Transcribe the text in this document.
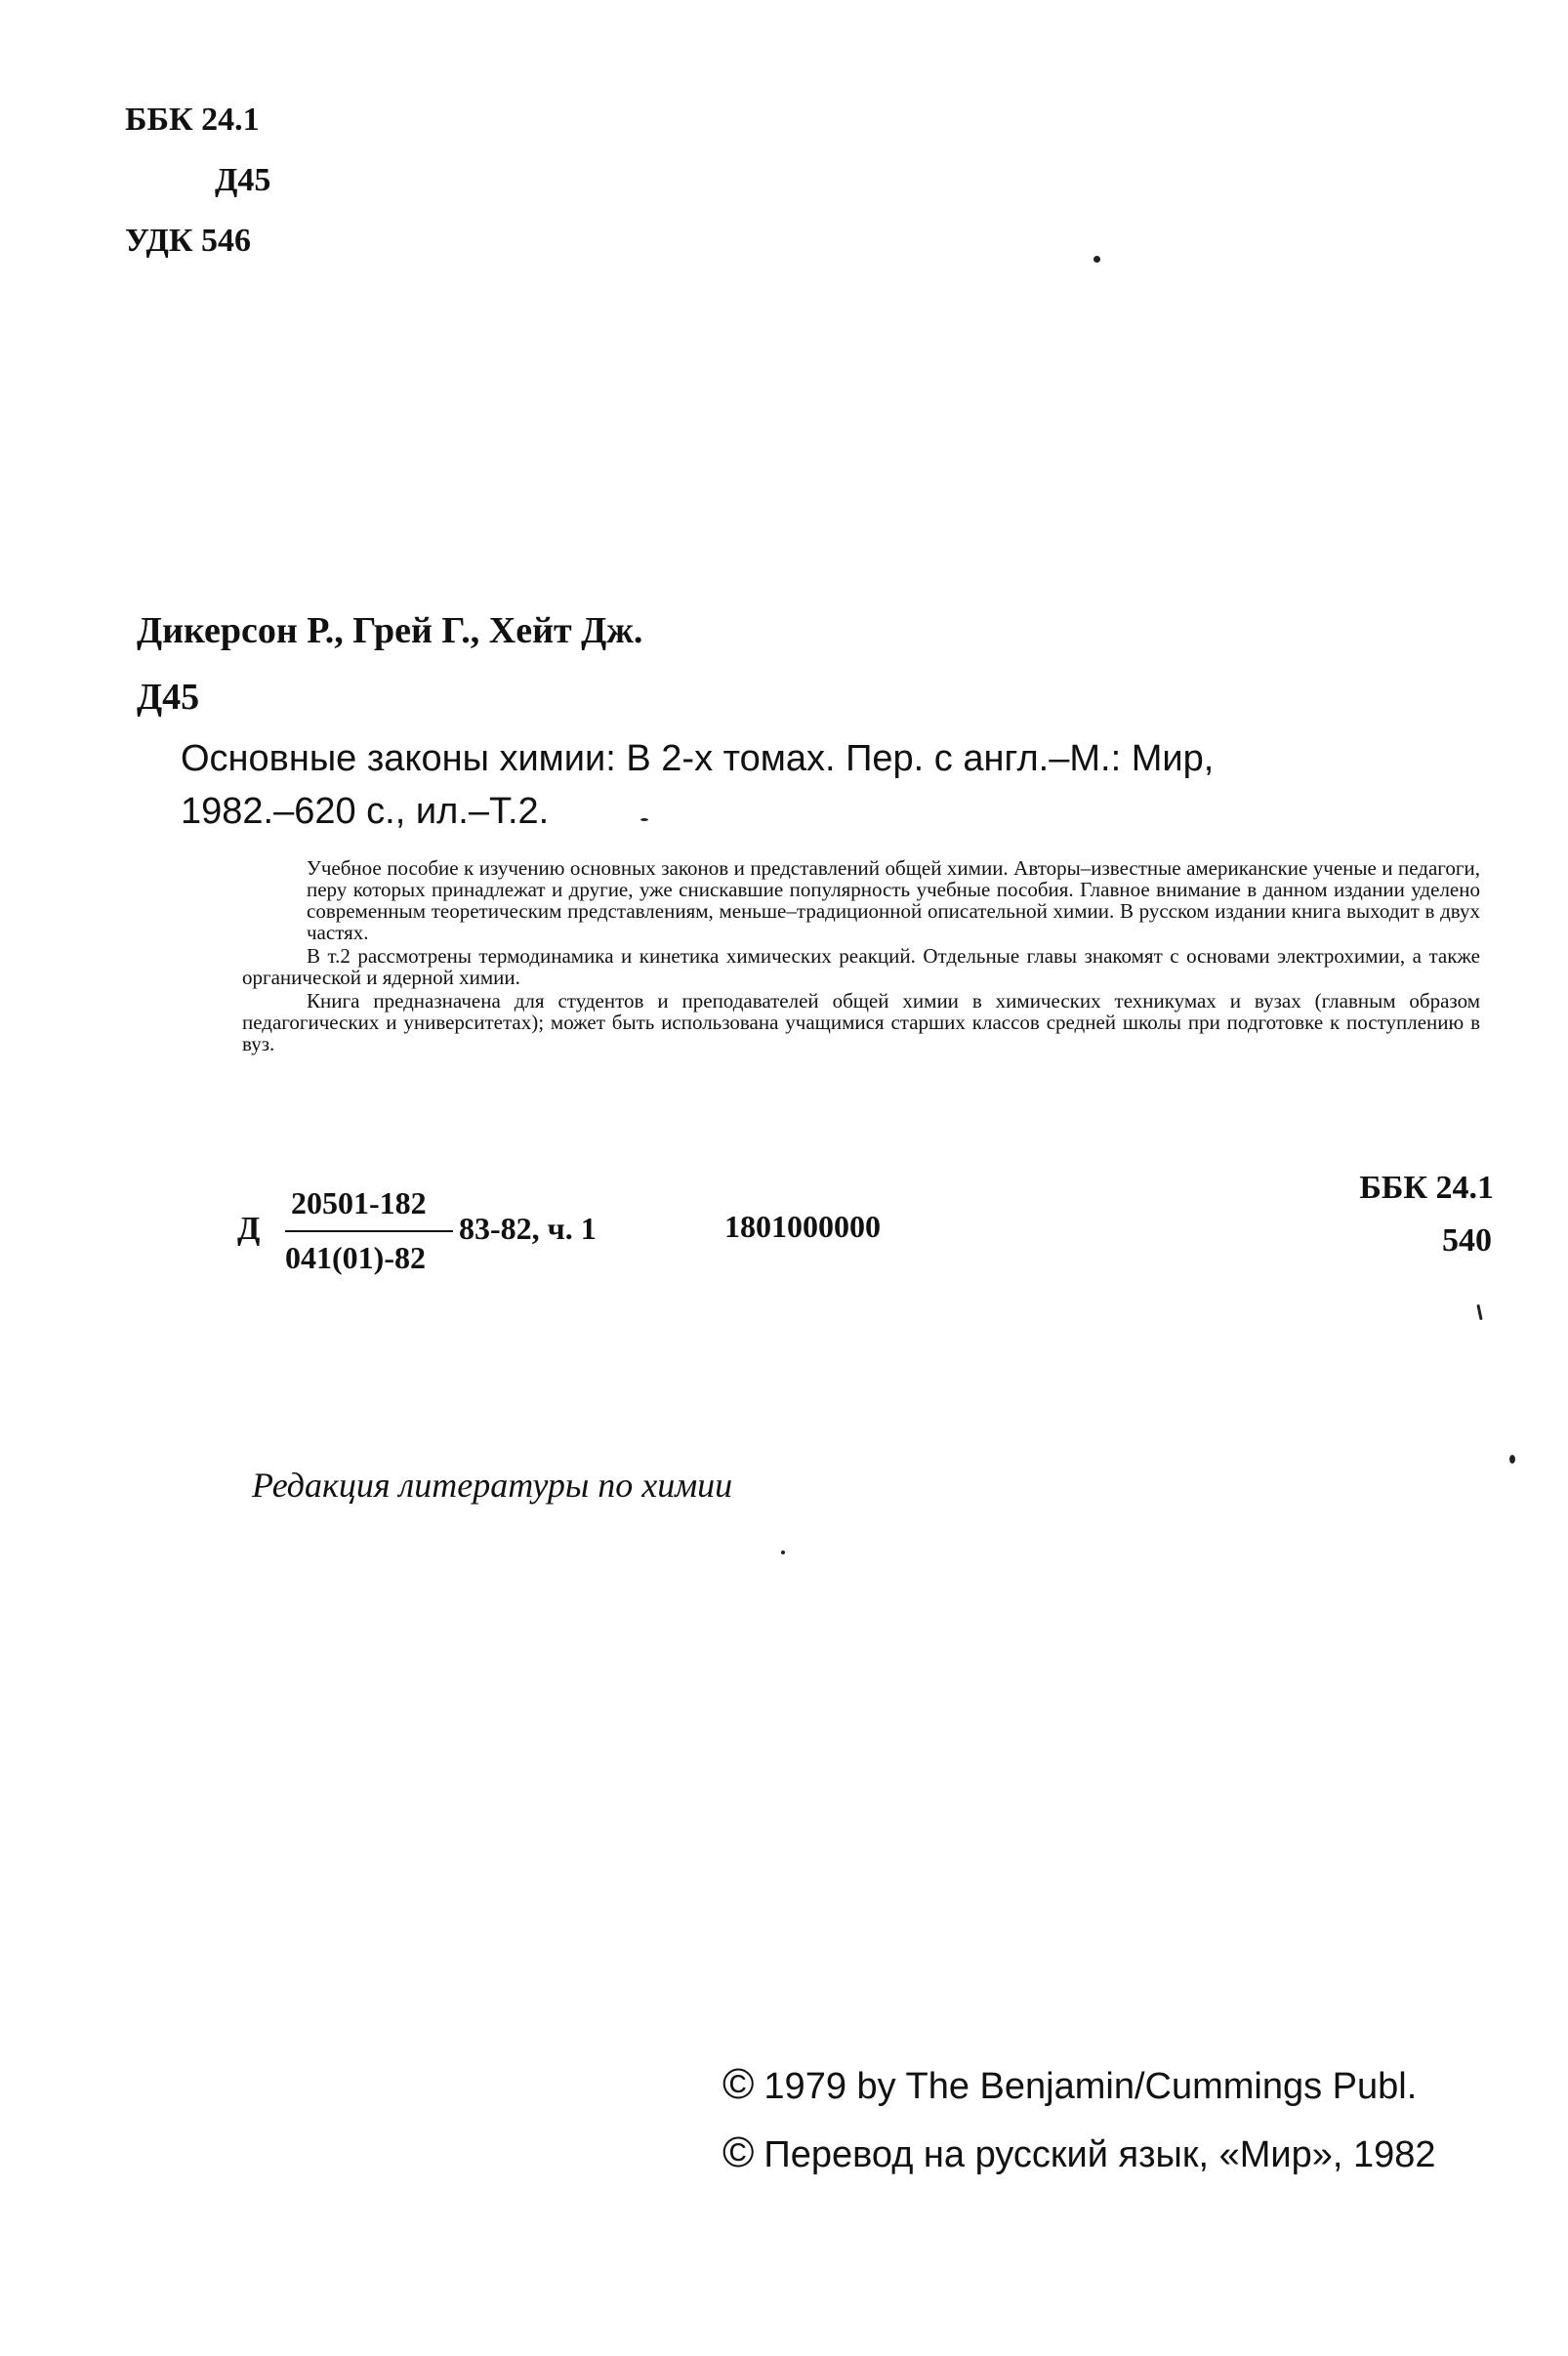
ББК 24.1
Д45
УДК 546
Дикерсон Р., Грей Г., Хейт Дж.
Д45
Основные законы химии: В 2-х томах. Пер. с англ.–М.: Мир,
1982.–620 с., ил.–Т.2.

Учебное пособие к изучению основных законов и представлений общей химии. Авторы–известные американские ученые и педагоги, перу которых принадлежат и другие, уже снискавшие популярность учебные пособия. Главное внимание в данном издании уделено современным теоретическим представлениям, меньше–традиционной описательной химии. В русском издании книга выходит в двух частях.

В т.2 рассмотрены термодинамика и кинетика химических реакций. Отдельные главы знакомят с основами электрохимии, а также органической и ядерной химии.

Книга предназначена для студентов и преподавателей общей химии в химических техникумах и вузах (главным образом педагогических и университетах); может быть использована учащимися старших классов средней школы при подготовке к поступлению в вуз.

Д
20501-182
041(01)-82
83-82, ч. 1	1801000000
ББК 24.1
540
Редакция литературы по химии
© 1979 by The Benjamin/Cummings Publ.
© Перевод на русский язык, «Мир», 1982
